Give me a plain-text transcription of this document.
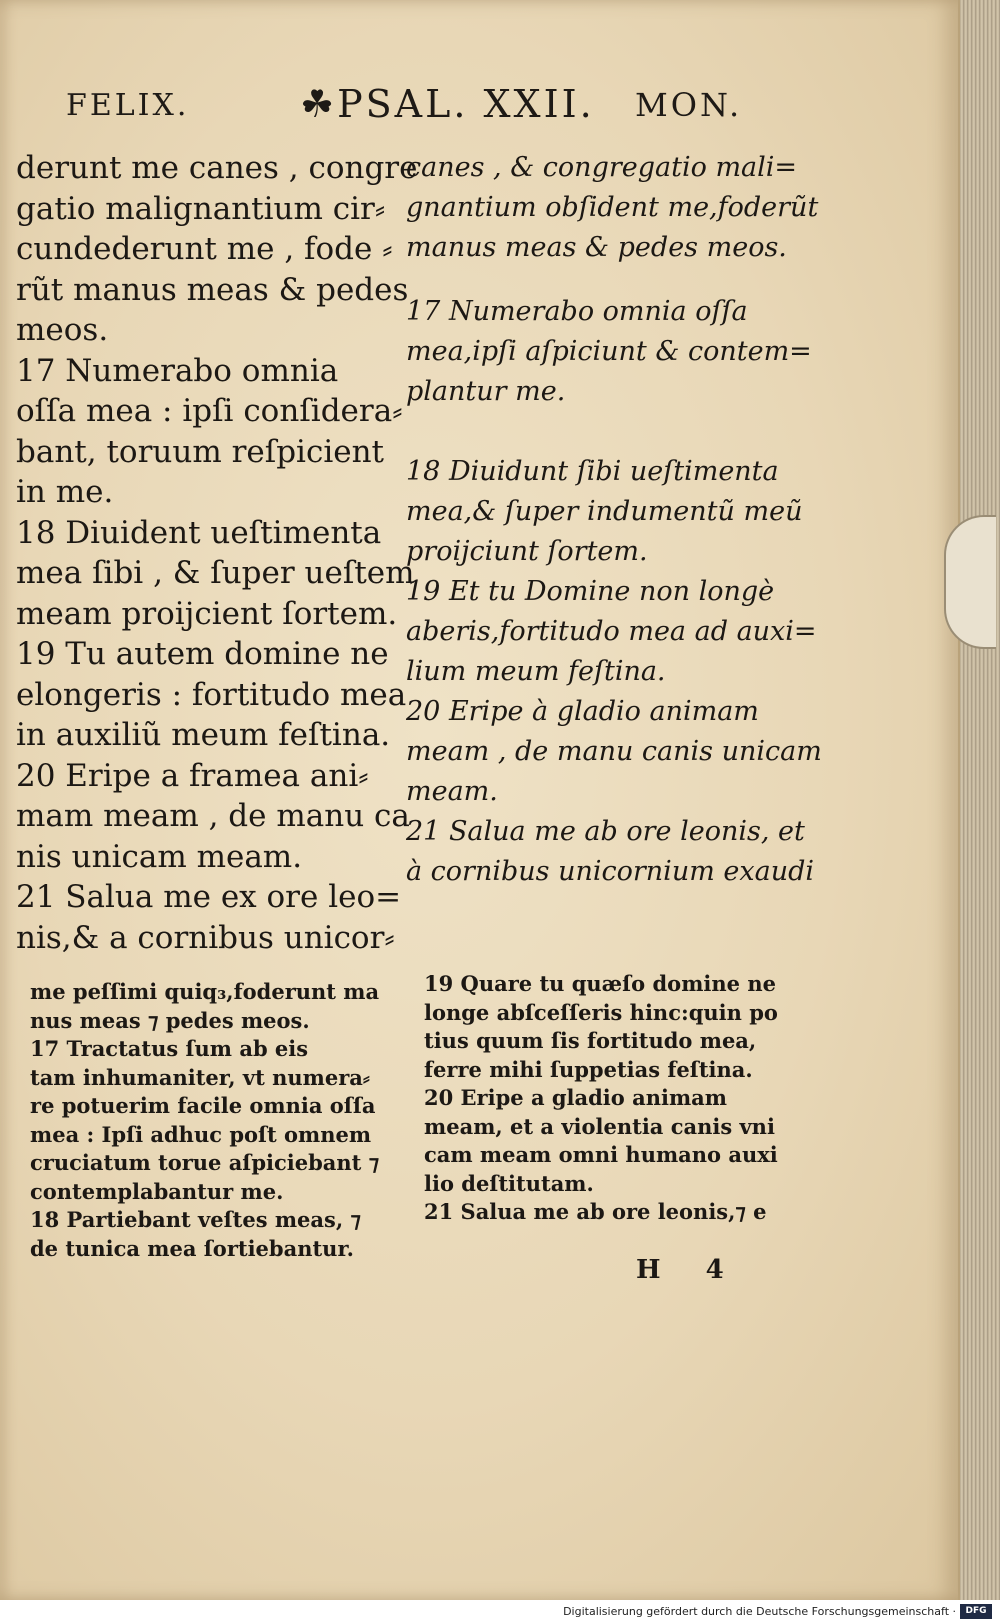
FELIX.	☘PSAL. XXII. MON.
derunt me canes , congre
gatio malignantium cir⸗
cundederunt me , fode ⸗
rũt manus meas & pedes
meos.
17 Numerabo omnia
oſſa mea : ipſi conſidera⸗
bant, toruum reſpicient
in me.
18 Diuident ueſtimenta
mea ſibi , & ſuper ueſtem
meam proijcient ſortem.
19 Tu autem domine ne
elongeris : fortitudo mea
in auxiliũ meum feſtina.
20 Eripe a framea ani⸗
mam meam , de manu ca
nis unicam meam.
21 Salua me ex ore leo=
nis,& a cornibus unicor⸗
canes , & congregatio mali=
gnantium obſident me,foderũt
manus meas & pedes meos.
17 Numerabo omnia oſſa
mea,ipſi aſpiciunt & contem=
plantur me.
18 Diuidunt ſibi ueſtimenta
mea,& ſuper indumentũ meũ
proijciunt ſortem.
19 Et tu Domine non longè
aberis,fortitudo mea ad auxi=
lium meum feſtina.
20 Eripe à gladio animam
meam , de manu canis unicam
meam.
21 Salua me ab ore leonis, et
à cornibus unicornium exaudi
me peſſimi quiq₃,foderunt ma
nus meas ⁊ pedes meos.
17 Tractatus ſum ab eis
tam inhumaniter, vt numera⸗
re potuerim facile omnia oſſa
mea : Ipſi adhuc poſt omnem
cruciatum torue aſpiciebant ⁊
contemplabantur me.
18 Partiebant veſtes meas, ⁊
de tunica mea ſortiebantur.
19 Quare tu quæſo domine ne
longe abſceſſeris hinc:quin po
tius quum ſis fortitudo mea,
ferre mihi ſuppetias feſtina.
20 Eripe a gladio animam
meam, et a violentia canis vni
cam meam omni humano auxi
lio deſtitutam.
21 Salua me ab ore leonis,⁊ e
H 4
Digitalisierung gefördert durch die Deutsche Forschungsgemeinschaft ·	DFG
